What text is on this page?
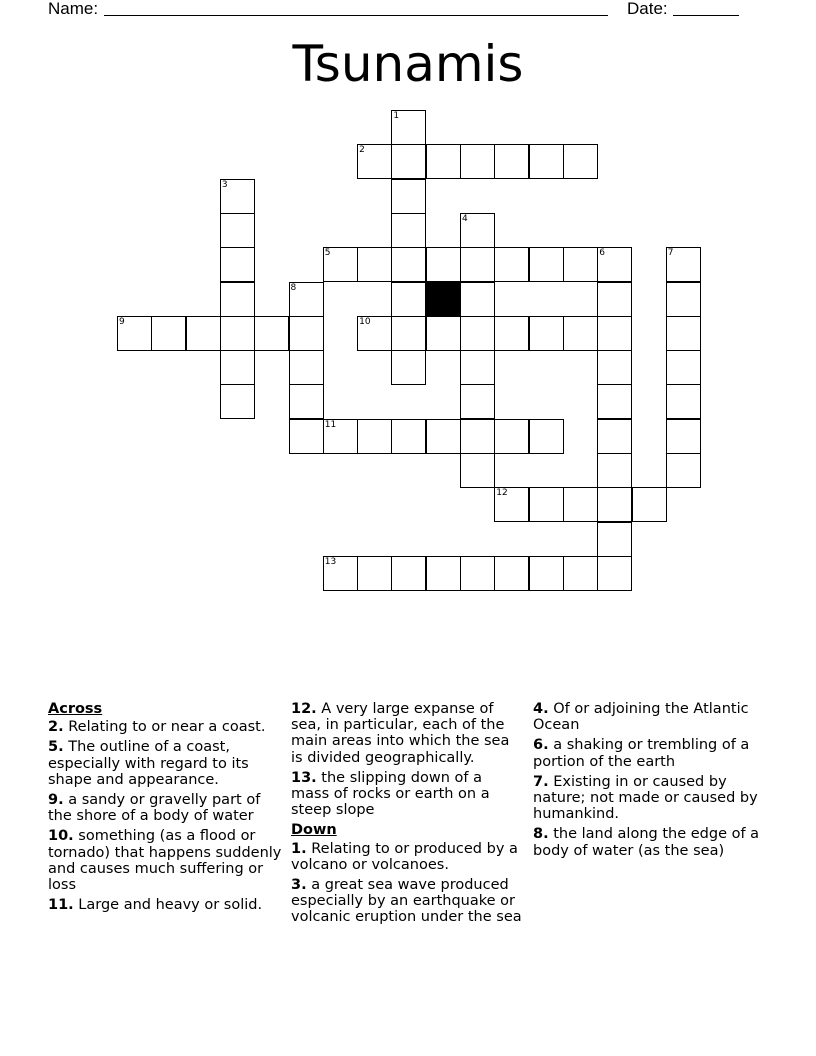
Name:	Date:
Tsunamis
1
2
3
4
5	6	7
8
9	10
11
12
13
Across
2. Relating to or near a coast.
5. The outline of a coast, especially with regard to its shape and appearance.
9. a sandy or gravelly part of the shore of a body of water
10. something (as a flood or tornado) that happens suddenly and causes much suffering or loss
11. Large and heavy or solid.
12. A very large expanse of sea, in particular, each of the main areas into which the sea is divided geographically.
13. the slipping down of a mass of rocks or earth on a steep slope
Down
1. Relating to or produced by a volcano or volcanoes.
3. a great sea wave produced especially by an earthquake or volcanic eruption under the sea
4. Of or adjoining the Atlantic Ocean
6. a shaking or trembling of a portion of the earth
7. Existing in or caused by nature; not made or caused by humankind.
8. the land along the edge of a body of water (as the sea)
